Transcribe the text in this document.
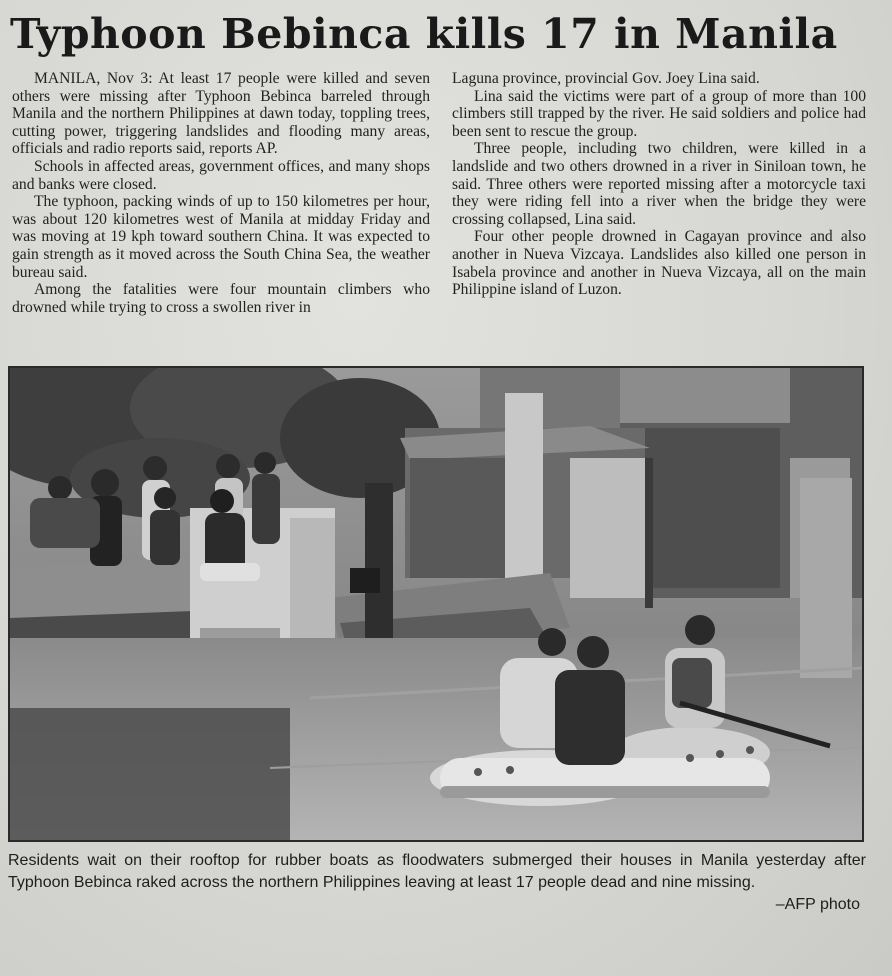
Typhoon Bebinca kills 17 in Manila

MANILA, Nov 3: At least 17 people were killed and seven others were missing after Typhoon Bebinca barreled through Manila and the northern Philippines at dawn today, toppling trees, cutting power, triggering landslides and flooding many areas, officials and radio reports said, reports AP.

Schools in affected areas, government offices, and many shops and banks were closed.

The typhoon, packing winds of up to 150 kilometres per hour, was about 120 kilometres west of Manila at midday Friday and was moving at 19 kph toward southern China. It was expected to gain strength as it moved across the South China Sea, the weather bureau said.

Among the fatalities were four mountain climbers who drowned while trying to cross a swollen river in

Laguna province, provincial Gov. Joey Lina said.

Lina said the victims were part of a group of more than 100 climbers still trapped by the river. He said soldiers and police had been sent to rescue the group.

Three people, including two children, were killed in a landslide and two others drowned in a river in Siniloan town, he said. Three others were reported missing after a motorcycle taxi they were riding fell into a river when the bridge they were crossing collapsed, Lina said.

Four other people drowned in Cagayan province and also another in Nueva Vizcaya. Landslides also killed one person in Isabela province and another in Nueva Vizcaya, all on the main Philippine island of Luzon.

Residents wait on their rooftop for rubber boats as floodwaters submerged their houses in Manila yesterday after Typhoon Bebinca raked across the northern Philippines leaving at least 17 people dead and nine missing.

–AFP photo
